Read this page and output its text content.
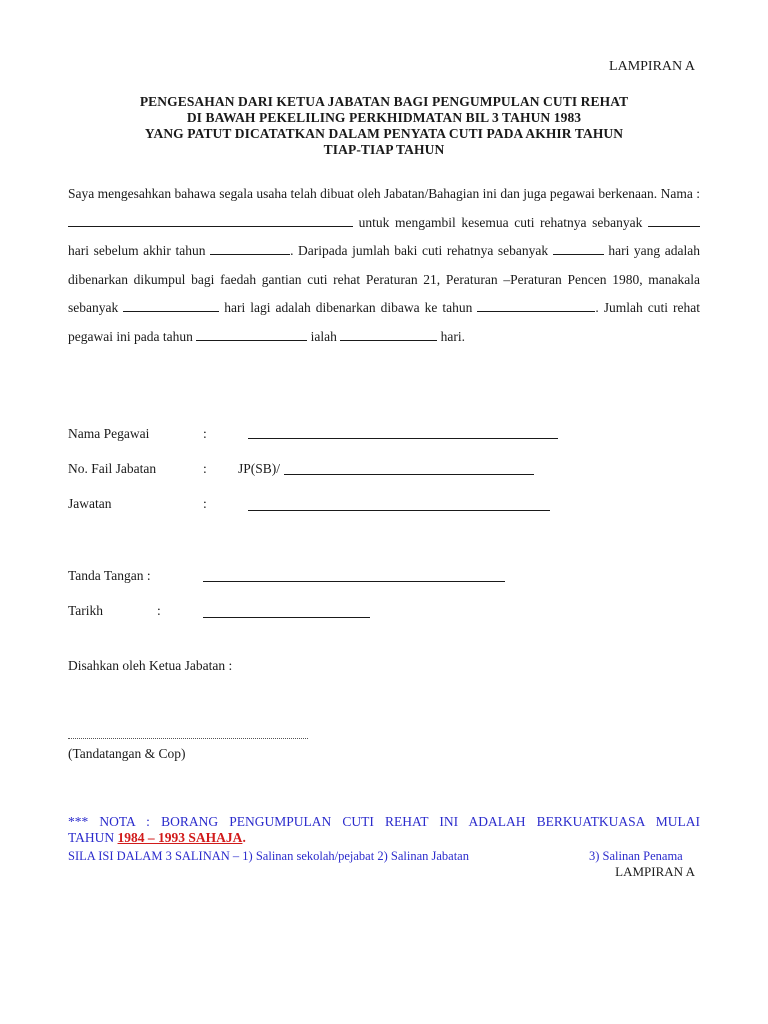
LAMPIRAN A
PENGESAHAN DARI KETUA JABATAN BAGI PENGUMPULAN CUTI REHAT
DI BAWAH PEKELILING PERKHIDMATAN BIL 3 TAHUN 1983
YANG PATUT DICATATKAN DALAM PENYATA CUTI PADA AKHIR TAHUN
TIAP-TIAP TAHUN
Saya mengesahkan bahawa segala usaha telah dibuat oleh Jabatan/Bahagian ini dan juga pegawai berkenaan. Nama :  untuk mengambil kesemua cuti rehatnya sebanyak  hari sebelum akhir tahun	. Daripada jumlah baki cuti rehatnya sebanyak	hari yang adalah dibenarkan dikumpul bagi faedah gantian cuti rehat Peraturan 21, Peraturan –Peraturan Pencen 1980, manakala sebanyak	hari lagi adalah dibenarkan dibawa ke tahun	. Jumlah cuti rehat pegawai ini pada tahun	ialah	hari.
Nama Pegawai	:
No. Fail Jabatan	: JP(SB)/
Jawatan	:
Tanda Tangan :
Tarikh	:
Disahkan oleh Ketua Jabatan :
(Tandatangan & Cop)
*** NOTA : BORANG PENGUMPULAN CUTI REHAT INI ADALAH BERKUATKUASA MULAI
TAHUN 1984 – 1993 SAHAJA.
SILA ISI DALAM 3 SALINAN – 1) Salinan sekolah/pejabat 2) Salinan Jabatan	3) Salinan Penama
LAMPIRAN A
